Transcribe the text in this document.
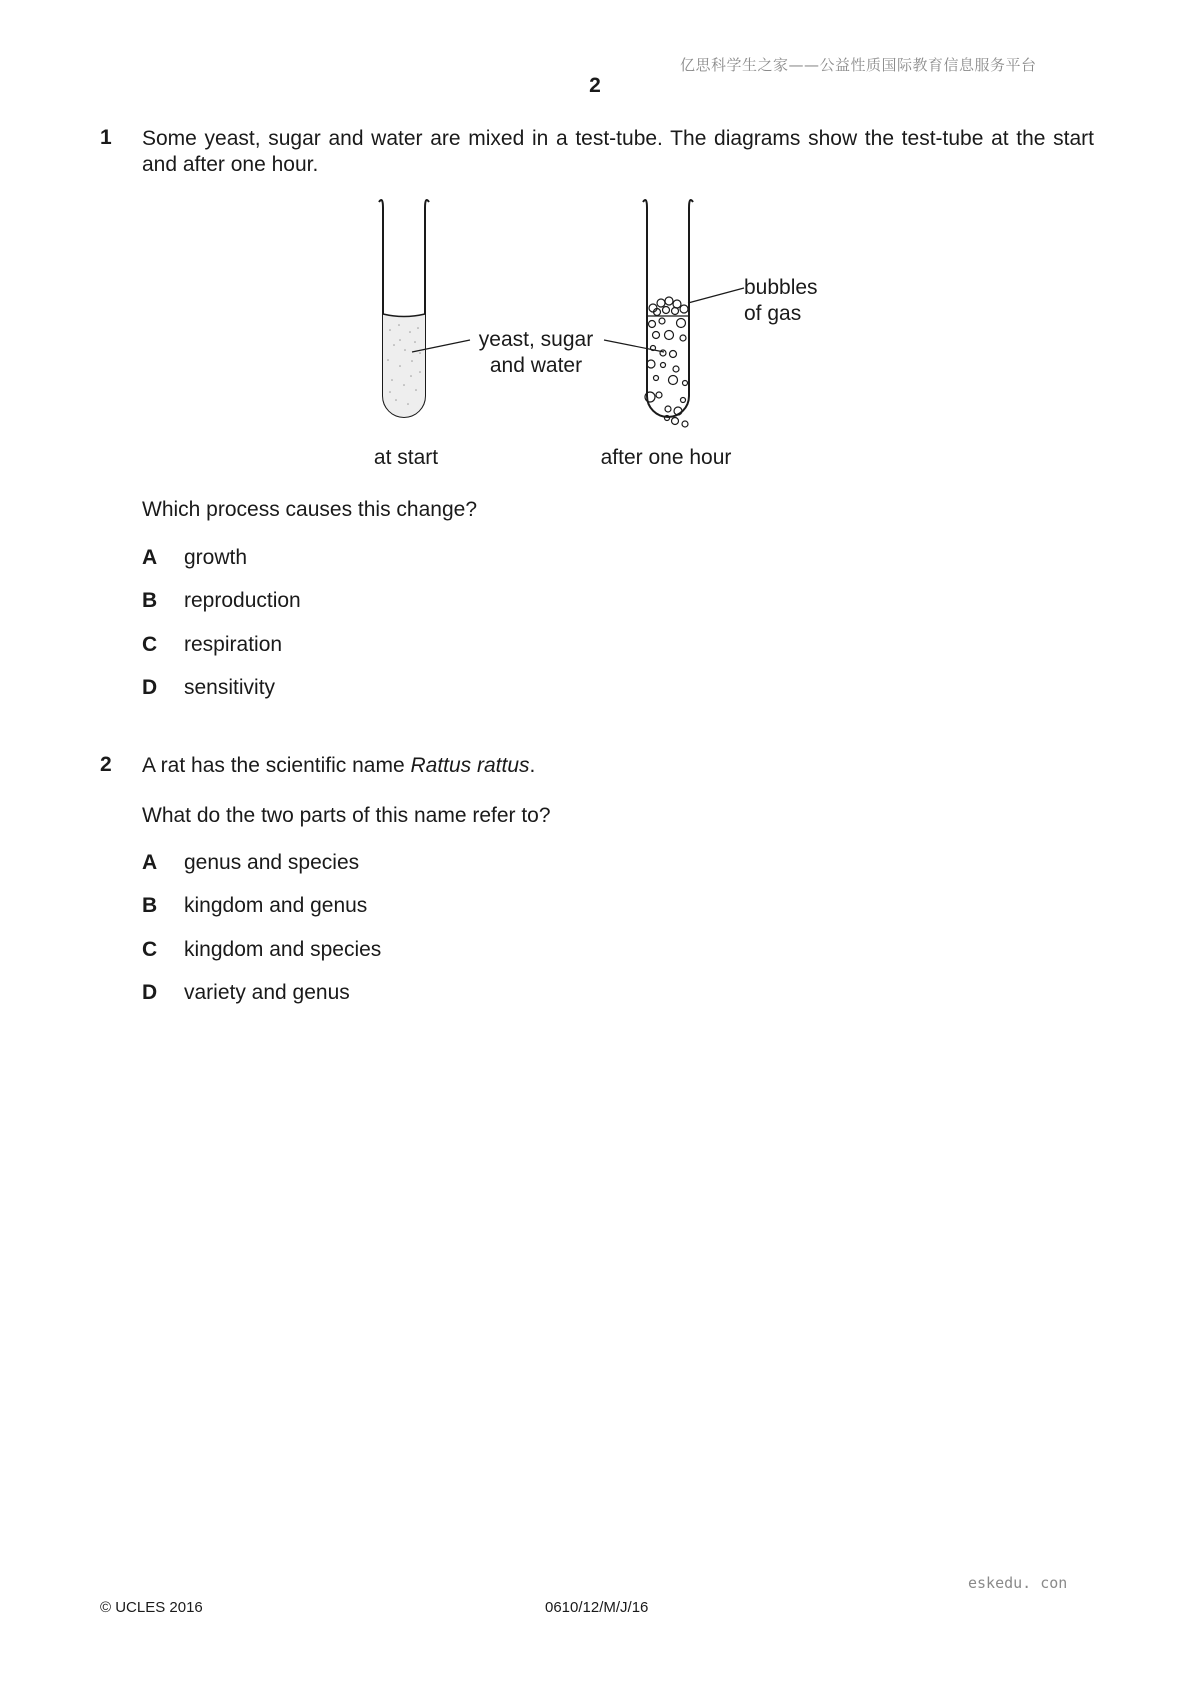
亿思科学生之家——公益性质国际教育信息服务平台
2
1 Some yeast, sugar and water are mixed in a test-tube. The diagrams show the test-tube at the start and after one hour.
yeast, sugar
and water
bubbles
of gas
at start	after one hour
Which process causes this change?
A growth
B reproduction
C respiration
D sensitivity
2 A rat has the scientific name Rattus rattus.
What do the two parts of this name refer to?
A genus and species
B kingdom and genus
C kingdom and species
D variety and genus
eskedu. con
© UCLES 2016	0610/12/M/J/16
